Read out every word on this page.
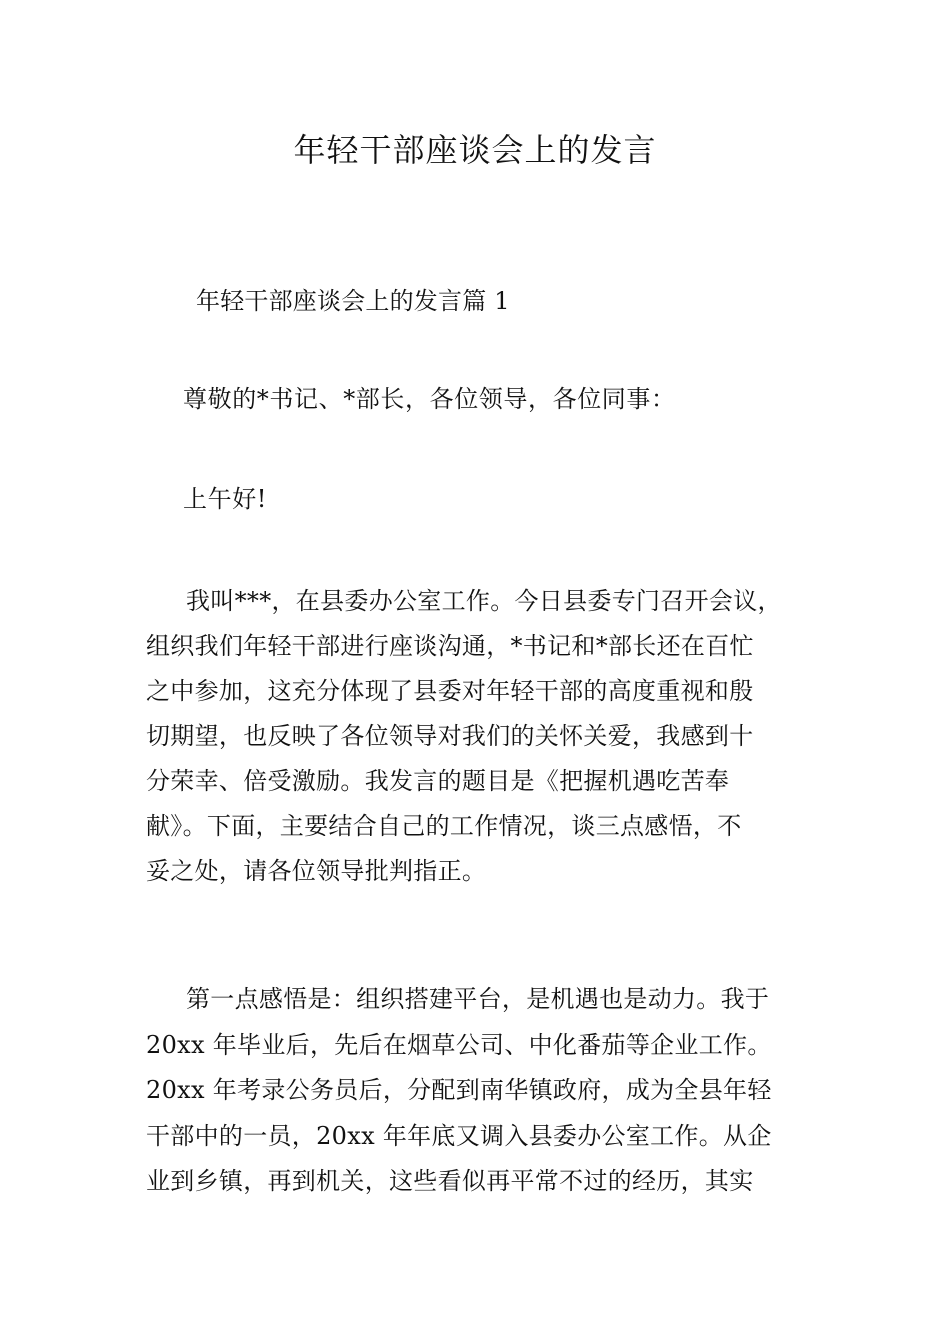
年轻干部座谈会上的发言
年轻干部座谈会上的发言篇 1
尊敬的*书记、*部长，各位领导，各位同事：
上午好!

我叫***，在县委办公室工作。今日县委专门召开会议，
组织我们年轻干部进行座谈沟通，*书记和*部长还在百忙
之中参加，这充分体现了县委对年轻干部的高度重视和殷
切期望，也反映了各位领导对我们的关怀关爱，我感到十
分荣幸、倍受激励。我发言的题目是《把握机遇吃苦奉
献》。下面，主要结合自己的工作情况，谈三点感悟，不
妥之处，请各位领导批判指正。

第一点感悟是：组织搭建平台，是机遇也是动力。我于
20xx 年毕业后，先后在烟草公司、中化番茄等企业工作。
20xx 年考录公务员后，分配到南华镇政府，成为全县年轻
干部中的一员，20xx 年年底又调入县委办公室工作。从企
业到乡镇，再到机关，这些看似再平常不过的经历，其实
